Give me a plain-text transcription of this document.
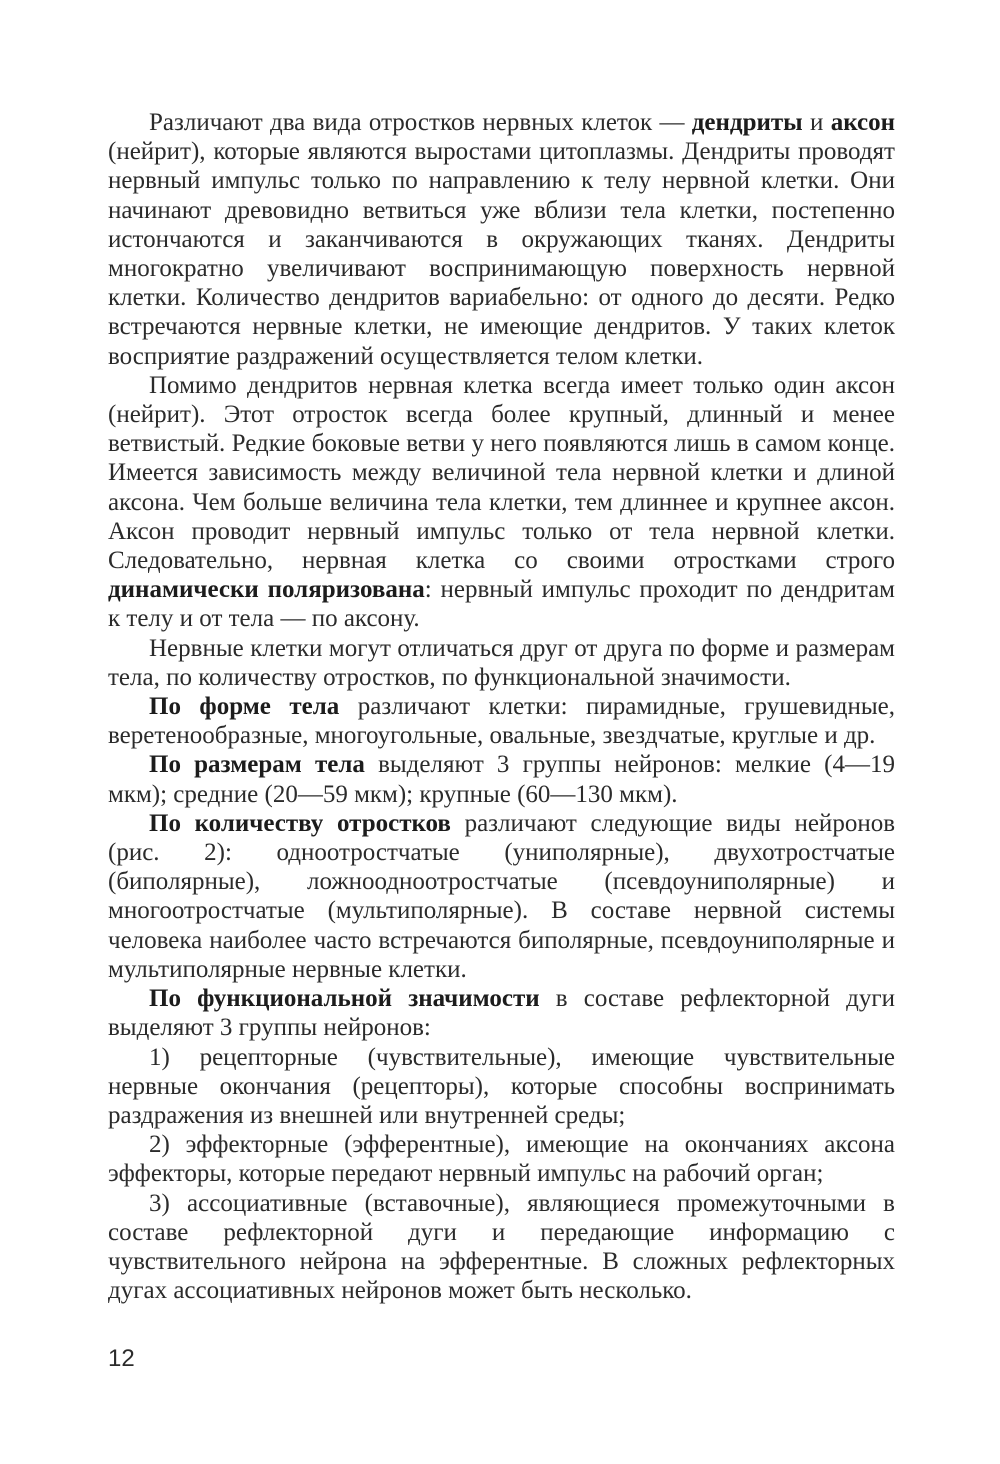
Различают два вида отростков нервных клеток — дендриты и аксон (нейрит), которые являются выростами цитоплазмы. Дендриты проводят нервный импульс только по направлению к телу нервной клетки. Они начинают древовидно ветвиться уже вблизи тела клетки, постепенно истончаются и заканчиваются в окружающих тканях. Дендриты многократно увеличивают воспринимающую поверхность нервной клетки. Количество дендритов вариабельно: от одного до десяти. Редко встречаются нервные клетки, не имеющие дендритов. У таких клеток восприятие раздражений осуществляется телом клетки.

Помимо дендритов нервная клетка всегда имеет только один аксон (нейрит). Этот отросток всегда более крупный, длинный и менее ветвистый. Редкие боковые ветви у него появляются лишь в самом конце. Имеется зависимость между величиной тела нервной клетки и длиной аксона. Чем больше величина тела клетки, тем длиннее и крупнее аксон. Аксон проводит нервный импульс только от тела нервной клетки. Следовательно, нервная клетка со своими отростками строго динамически поляризована: нервный импульс проходит по дендритам к телу и от тела — по аксону.

Нервные клетки могут отличаться друг от друга по форме и размерам тела, по количеству отростков, по функциональной значимости.

По форме тела различают клетки: пирамидные, грушевидные, веретенообразные, многоугольные, овальные, звездчатые, круглые и др.

По размерам тела выделяют 3 группы нейронов: мелкие (4—19 мкм); средние (20—59 мкм); крупные (60—130 мкм).

По количеству отростков различают следующие виды нейронов (рис. 2): одноотростчатые (униполярные), двухотростчатые (биполярные), ложноодноотростчатые (псевдоуниполярные) и многоотростчатые (мультиполярные). В составе нервной системы человека наиболее часто встречаются биполярные, псевдоуниполярные и мультиполярные нервные клетки.

По функциональной значимости в составе рефлекторной дуги выделяют 3 группы нейронов:

1) рецепторные (чувствительные), имеющие чувствительные нервные окончания (рецепторы), которые способны воспринимать раздражения из внешней или внутренней среды;

2) эффекторные (эфферентные), имеющие на окончаниях аксона эффекторы, которые передают нервный импульс на рабочий орган;

3) ассоциативные (вставочные), являющиеся промежуточными в составе рефлекторной дуги и передающие информацию с чувствительного нейрона на эфферентные. В сложных рефлекторных дугах ассоциативных нейронов может быть несколько.

12
